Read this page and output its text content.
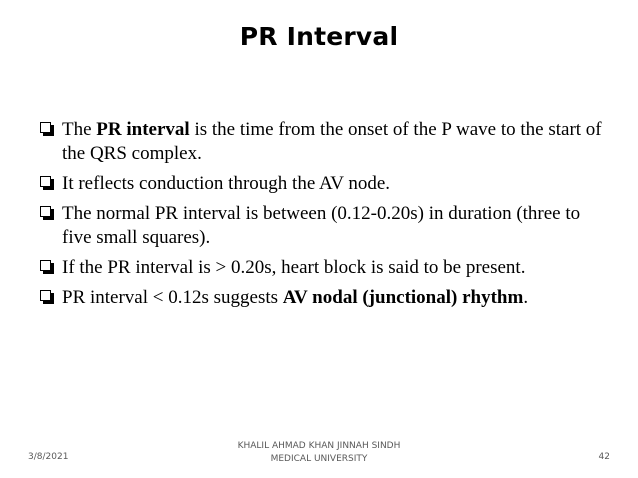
PR Interval
The PR interval is the time from the onset of the P wave to the start of the QRS complex.
It reflects conduction through the AV node.
The normal PR interval is between (0.12-0.20s) in duration (three to five small squares).
If the PR interval is > 0.20s, heart block is said to be present.
PR interval < 0.12s suggests AV nodal (junctional) rhythm.
3/8/2021
KHALIL AHMAD KHAN JINNAH SINDH
MEDICAL UNIVERSITY	42
